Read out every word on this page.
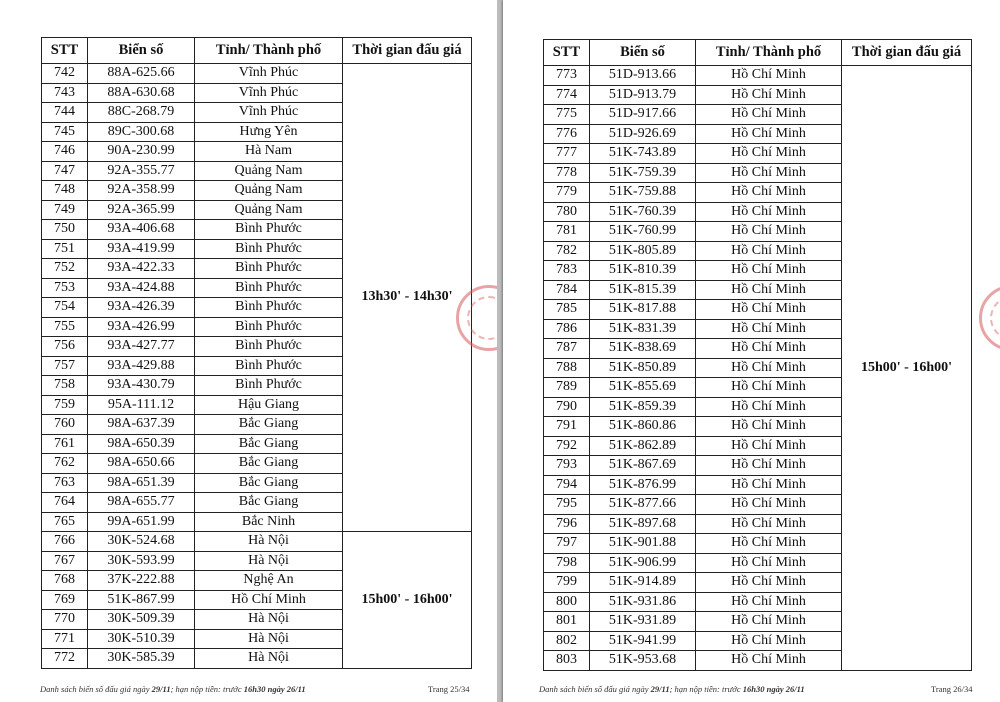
STT	Biển số	Tỉnh/ Thành phố	Thời gian đấu giá
742	88A-625.66	Vĩnh Phúc	13h30' - 14h30'
743	88A-630.68	Vĩnh Phúc	
744	88C-268.79	Vĩnh Phúc	
745	89C-300.68	Hưng Yên	
746	90A-230.99	Hà Nam	
747	92A-355.77	Quảng Nam	
748	92A-358.99	Quảng Nam	
749	92A-365.99	Quảng Nam	
750	93A-406.68	Bình Phước	
751	93A-419.99	Bình Phước	
752	93A-422.33	Bình Phước	
753	93A-424.88	Bình Phước	
754	93A-426.39	Bình Phước	
755	93A-426.99	Bình Phước	
756	93A-427.77	Bình Phước	
757	93A-429.88	Bình Phước	
758	93A-430.79	Bình Phước	
759	95A-111.12	Hậu Giang	
760	98A-637.39	Bắc Giang	
761	98A-650.39	Bắc Giang	
762	98A-650.66	Bắc Giang	
763	98A-651.39	Bắc Giang	
764	98A-655.77	Bắc Giang	
765	99A-651.99	Bắc Ninh	
766	30K-524.68	Hà Nội	15h00' - 16h00'
767	30K-593.99	Hà Nội	
768	37K-222.88	Nghệ An	
769	51K-867.99	Hồ Chí Minh	
770	30K-509.39	Hà Nội	
771	30K-510.39	Hà Nội	
772	30K-585.39	Hà Nội	
Danh sách biển số đấu giá ngày 29/11; hạn nộp tiền: trước 16h30 ngày 26/11	Trang 25/34
STT	Biển số	Tỉnh/ Thành phố	Thời gian đấu giá
773	51D-913.66	Hồ Chí Minh	15h00' - 16h00'
774	51D-913.79	Hồ Chí Minh	
775	51D-917.66	Hồ Chí Minh	
776	51D-926.69	Hồ Chí Minh	
777	51K-743.89	Hồ Chí Minh	
778	51K-759.39	Hồ Chí Minh	
779	51K-759.88	Hồ Chí Minh	
780	51K-760.39	Hồ Chí Minh	
781	51K-760.99	Hồ Chí Minh	
782	51K-805.89	Hồ Chí Minh	
783	51K-810.39	Hồ Chí Minh	
784	51K-815.39	Hồ Chí Minh	
785	51K-817.88	Hồ Chí Minh	
786	51K-831.39	Hồ Chí Minh	
787	51K-838.69	Hồ Chí Minh	
788	51K-850.89	Hồ Chí Minh	
789	51K-855.69	Hồ Chí Minh	
790	51K-859.39	Hồ Chí Minh	
791	51K-860.86	Hồ Chí Minh	
792	51K-862.89	Hồ Chí Minh	
793	51K-867.69	Hồ Chí Minh	
794	51K-876.99	Hồ Chí Minh	
795	51K-877.66	Hồ Chí Minh	
796	51K-897.68	Hồ Chí Minh	
797	51K-901.88	Hồ Chí Minh	
798	51K-906.99	Hồ Chí Minh	
799	51K-914.89	Hồ Chí Minh	
800	51K-931.86	Hồ Chí Minh	
801	51K-931.89	Hồ Chí Minh	
802	51K-941.99	Hồ Chí Minh	
803	51K-953.68	Hồ Chí Minh	
Danh sách biển số đấu giá ngày 29/11; hạn nộp tiền: trước 16h30 ngày 26/11	Trang 26/34
